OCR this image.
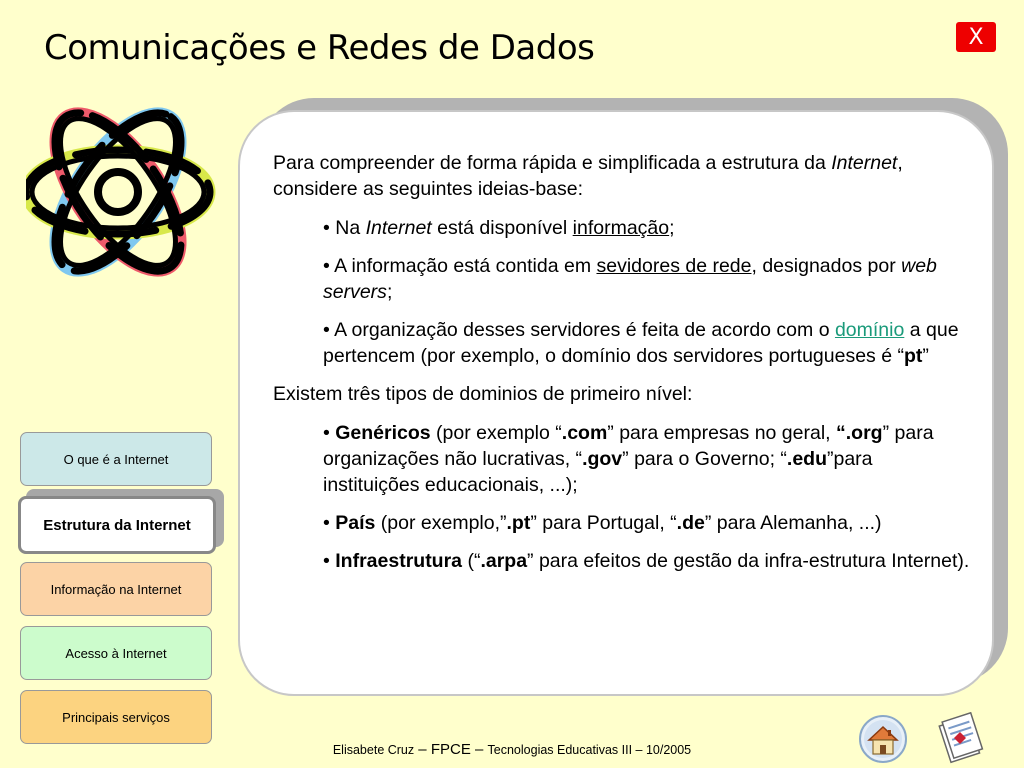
Comunicações e Redes de Dados	X

Para compreender de forma rápida e simplificada a estrutura da Internet, considere as seguintes ideias-base:

• Na Internet está disponível informação;

• A informação está contida em sevidores de rede, designados por web servers;

• A organização desses servidores é feita de acordo com o domínio a que pertencem (por exemplo, o domínio dos servidores portugueses é “pt”

Existem três tipos de dominios de primeiro nível:

• Genéricos (por exemplo “.com” para empresas no geral, “.org” para organizações não lucrativas, “.gov” para o Governo; “.edu”para instituições educacionais, ...);

• País (por exemplo,”.pt” para Portugal, “.de” para Alemanha, ...)

• Infraestrutura (“.arpa” para efeitos de gestão da infra-estrutura Internet).

O que é a Internet
Estrutura da Internet
Informação na Internet
Acesso à Internet
Principais serviços
Elisabete Cruz – FPCE – Tecnologias Educativas III – 10/2005
